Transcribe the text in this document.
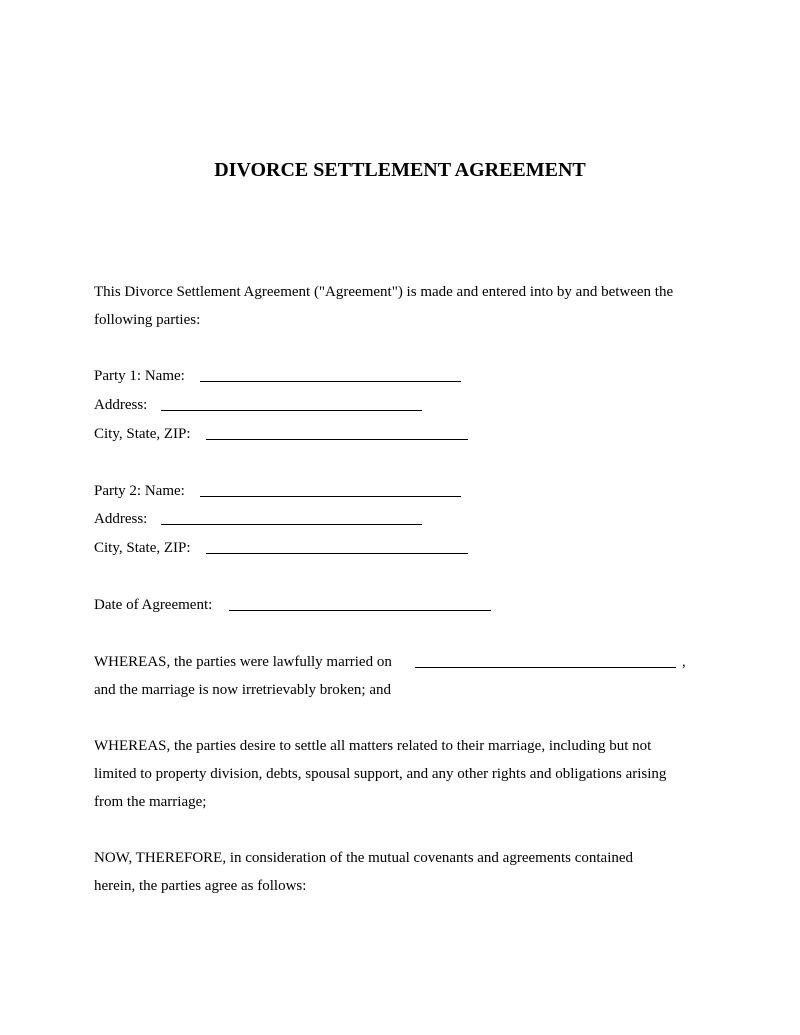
DIVORCE SETTLEMENT AGREEMENT
This Divorce Settlement Agreement ("Agreement") is made and entered into by and between the
following parties:
Party 1: Name:
Address:
City, State, ZIP:
Party 2: Name:
Address:
City, State, ZIP:
Date of Agreement:
WHEREAS, the parties were lawfully married on	,
and the marriage is now irretrievably broken; and
WHEREAS, the parties desire to settle all matters related to their marriage, including but not
limited to property division, debts, spousal support, and any other rights and obligations arising
from the marriage;
NOW, THEREFORE, in consideration of the mutual covenants and agreements contained
herein, the parties agree as follows:
